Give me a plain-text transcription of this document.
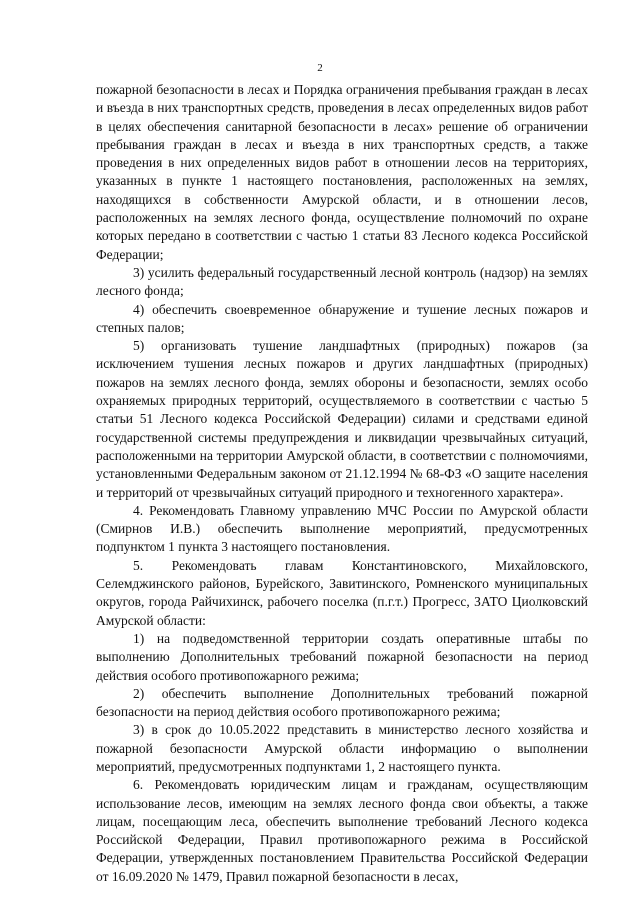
2

пожарной безопасности в лесах и Порядка ограничения пребывания граждан в лесах и въезда в них транспортных средств, проведения в лесах определенных видов работ в целях обеспечения санитарной безопасности в лесах» решение об ограничении пребывания граждан в лесах и въезда в них транспортных средств, а также проведения в них определенных видов работ в отношении лесов на территориях, указанных в пункте 1 настоящего постановления, расположенных на землях, находящихся в собственности Амурской области, и в отношении лесов, расположенных на землях лесного фонда, осуществление полномочий по охране которых передано в соответствии с частью 1 статьи 83 Лесного кодекса Российской Федерации;

3) усилить федеральный государственный лесной контроль (надзор) на землях лесного фонда;

4) обеспечить своевременное обнаружение и тушение лесных пожаров и степных палов;

5) организовать тушение ландшафтных (природных) пожаров (за исключением тушения лесных пожаров и других ландшафтных (природных) пожаров на землях лесного фонда, землях обороны и безопасности, землях особо охраняемых природных территорий, осуществляемого в соответствии с частью 5 статьи 51 Лесного кодекса Российской Федерации) силами и средствами единой государственной системы предупреждения и ликвидации чрезвычайных ситуаций, расположенными на территории Амурской области, в соответствии с полномочиями, установленными Федеральным законом от 21.12.1994 № 68-ФЗ «О защите населения и территорий от чрезвычайных ситуаций природного и техногенного характера».

4. Рекомендовать Главному управлению МЧС России по Амурской области (Смирнов И.В.) обеспечить выполнение мероприятий, предусмотренных подпунктом 1 пункта 3 настоящего постановления.

5. Рекомендовать главам Константиновского, Михайловского, Селемджинского районов, Бурейского, Завитинского, Ромненского муниципальных округов, города Райчихинск, рабочего поселка (п.г.т.) Прогресс, ЗАТО Циолковский Амурской области:

1) на подведомственной территории создать оперативные штабы по выполнению Дополнительных требований пожарной безопасности на период действия особого противопожарного режима;

2) обеспечить выполнение Дополнительных требований пожарной безопасности на период действия особого противопожарного режима;

3) в срок до 10.05.2022 представить в министерство лесного хозяйства и пожарной безопасности Амурской области информацию о выполнении мероприятий, предусмотренных подпунктами 1, 2 настоящего пункта.

6. Рекомендовать юридическим лицам и гражданам, осуществляющим использование лесов, имеющим на землях лесного фонда свои объекты, а также лицам, посещающим леса, обеспечить выполнение требований Лесного кодекса Российской Федерации, Правил противопожарного режима в Российской Федерации, утвержденных постановлением Правительства Российской Федерации от 16.09.2020 № 1479, Правил пожарной безопасности в лесах,
